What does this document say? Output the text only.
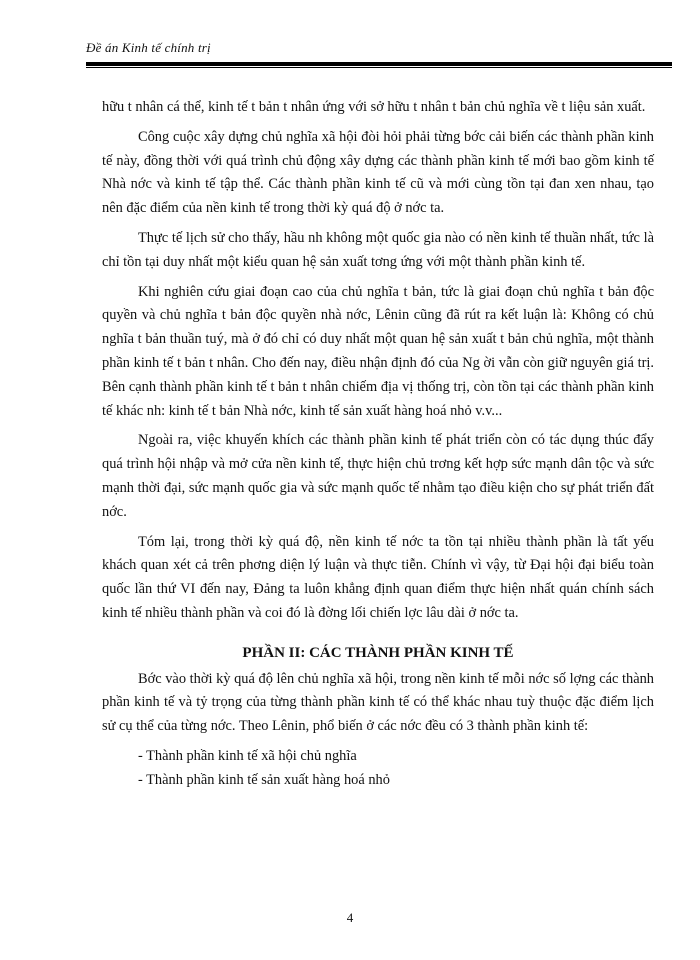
Đề án Kinh tế chính trị

hữu t nhân cá thể, kinh tế t bản t nhân ứng với sở hữu t nhân t bản chủ nghĩa về t liệu sản xuất.

Công cuộc xây dựng chủ nghĩa xã hội đòi hỏi phải từng bớc cải biến các thành phần kinh tế này, đồng thời với quá trình chủ động xây dựng các thành phần kinh tế mới bao gồm kinh tế Nhà nớc và kinh tế tập thể. Các thành phần kinh tế cũ và mới cùng tồn tại đan xen nhau, tạo nên đặc điểm của nền kinh tế trong thời kỳ quá độ ở nớc ta.

Thực tế lịch sử cho thấy, hầu nh không một quốc gia nào có nền kinh tế thuần nhất, tức là chỉ tồn tại duy nhất một kiểu quan hệ sản xuất tơng ứng với một thành phần kinh tế.

Khi nghiên cứu giai đoạn cao của chủ nghĩa t bản, tức là giai đoạn chủ nghĩa t bản độc quyền và chủ nghĩa t bản độc quyền nhà nớc, Lênin cũng đã rút ra kết luận là: Không có chủ nghĩa t bản thuần tuý, mà ở đó chỉ có duy nhất một quan hệ sản xuất t bản chủ nghĩa, một thành phần kinh tế t bản t nhân. Cho đến nay, điều nhận định đó của Ng ời vẫn còn giữ nguyên giá trị. Bên cạnh thành phần kinh tế t bản t nhân chiếm địa vị thống trị, còn tồn tại các thành phần kinh tế khác nh: kinh tế t bản Nhà nớc, kinh tế sản xuất hàng hoá nhỏ v.v...

Ngoài ra, việc khuyến khích các thành phần kinh tế phát triển còn có tác dụng thúc đẩy quá trình hội nhập và mở cửa nền kinh tế, thực hiện chủ trơng kết hợp sức mạnh dân tộc và sức mạnh thời đại, sức mạnh quốc gia và sức mạnh quốc tế nhằm tạo điều kiện cho sự phát triển đất nớc.

Tóm lại, trong thời kỳ quá độ, nền kinh tế nớc ta tồn tại nhiều thành phần là tất yếu khách quan xét cả trên phơng diện lý luận và thực tiễn. Chính vì vậy, từ Đại hội đại biểu toàn quốc lần thứ VI đến nay, Đảng ta luôn khẳng định quan điểm thực hiện nhất quán chính sách kinh tế nhiều thành phần và coi đó là đờng lối chiến lợc lâu dài ở nớc ta.

PHẦN II: CÁC THÀNH PHẦN KINH TẾ

Bớc vào thời kỳ quá độ lên chủ nghĩa xã hội, trong nền kinh tế mỗi nớc số lợng các thành phần kinh tế và tỷ trọng của từng thành phần kinh tế có thể khác nhau tuỳ thuộc đặc điểm lịch sử cụ thể của từng nớc. Theo Lênin, phổ biến ở các nớc đều có 3 thành phần kinh tế:

- Thành phần kinh tế xã hội chủ nghĩa

- Thành phần kinh tế sản xuất hàng hoá nhỏ

4
